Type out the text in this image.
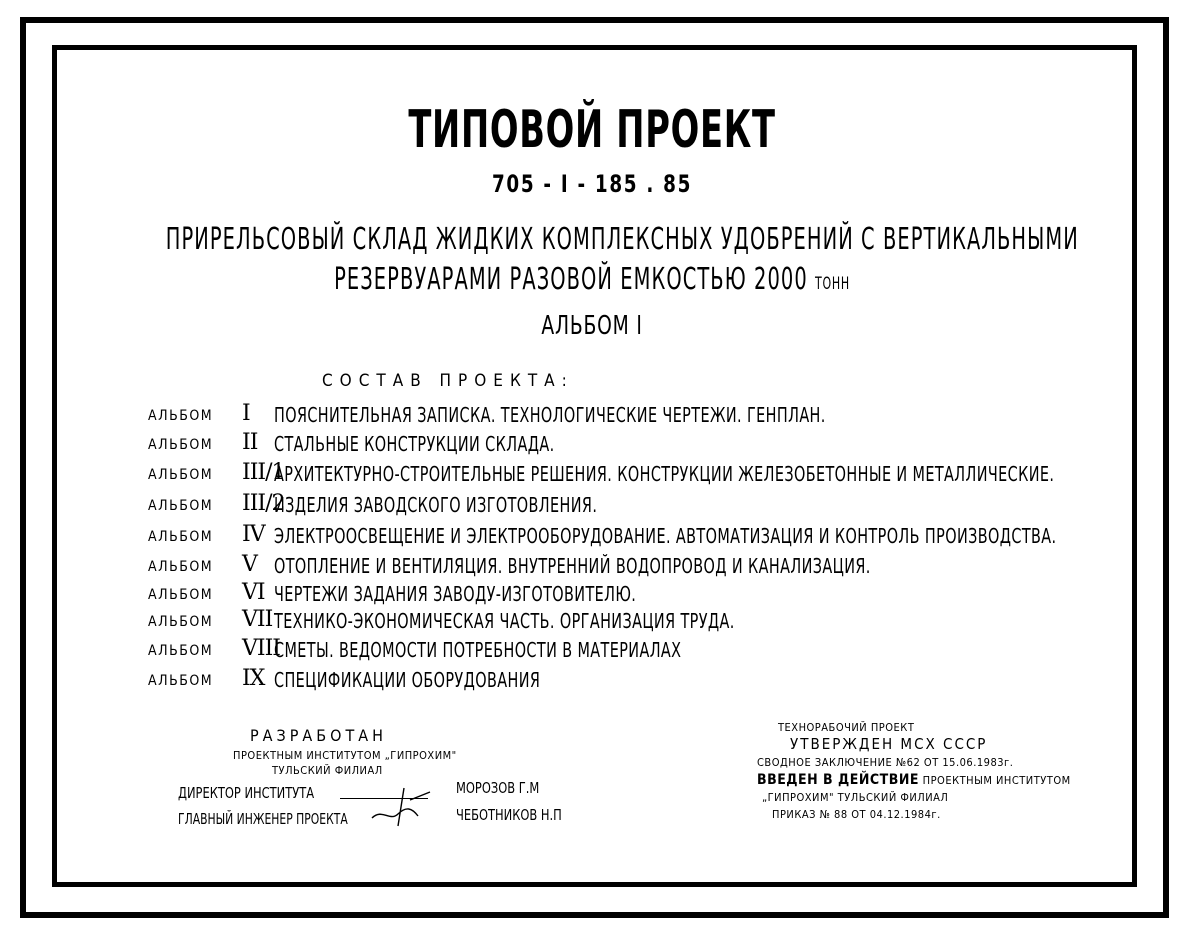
ТИПОВОЙ ПРОЕКТ
705 - I - 185 . 85
ПРИРЕЛЬСОВЫЙ СКЛАД ЖИДКИХ КОМПЛЕКСНЫХ УДОБРЕНИЙ С ВЕРТИКАЛЬНЫМИ
РЕЗЕРВУАРАМИ РАЗОВОЙ ЕМКОСТЬЮ 2000 ТОНН
АЛЬБОМ I
СОСТАВ ПРОЕКТА:
АЛЬБОМ I ПОЯСНИТЕЛЬНАЯ ЗАПИСКА. ТЕХНОЛОГИЧЕСКИЕ ЧЕРТЕЖИ. ГЕНПЛАН.
АЛЬБОМ II СТАЛЬНЫЕ КОНСТРУКЦИИ СКЛАДА.
АЛЬБОМ III/1
АРХИТЕКТУРНО-СТРОИТЕЛЬНЫЕ РЕШЕНИЯ. КОНСТРУКЦИИ ЖЕЛЕЗОБЕТОННЫЕ И МЕТАЛЛИЧЕСКИЕ.
АЛЬБОМ III/2
ИЗДЕЛИЯ ЗАВОДСКОГО ИЗГОТОВЛЕНИЯ.
АЛЬБОМ IV ЭЛЕКТРООСВЕЩЕНИЕ И ЭЛЕКТРООБОРУДОВАНИЕ. АВТОМАТИЗАЦИЯ И КОНТРОЛЬ ПРОИЗВОДСТВА.
АЛЬБОМ V ОТОПЛЕНИЕ И ВЕНТИЛЯЦИЯ. ВНУТРЕННИЙ ВОДОПРОВОД И КАНАЛИЗАЦИЯ.
АЛЬБОМ VI ЧЕРТЕЖИ ЗАДАНИЯ ЗАВОДУ-ИЗГОТОВИТЕЛЮ.
АЛЬБОМ VII ТЕХНИКО-ЭКОНОМИЧЕСКАЯ ЧАСТЬ. ОРГАНИЗАЦИЯ ТРУДА.
АЛЬБОМ VIII
СМЕТЫ. ВЕДОМОСТИ ПОТРЕБНОСТИ В МАТЕРИАЛАХ
АЛЬБОМ IX СПЕЦИФИКАЦИИ ОБОРУДОВАНИЯ
РАЗРАБОТАН
ПРОЕКТНЫМ ИНСТИТУТОМ „ГИПРОХИМ"
ТУЛЬСКИЙ ФИЛИАЛ
ДИРЕКТОР ИНСТИТУТА
ГЛАВНЫЙ ИНЖЕНЕР ПРОЕКТА
МОРОЗОВ Г.М
ЧЕБОТНИКОВ Н.П
ТЕХНОРАБОЧИЙ ПРОЕКТ
УТВЕРЖДЕН МСХ СССР
СВОДНОЕ ЗАКЛЮЧЕНИЕ №62 ОТ 15.06.1983г.
ВВЕДЕН В ДЕЙСТВИЕ ПРОЕКТНЫМ ИНСТИТУТОМ
„ГИПРОХИМ" ТУЛЬСКИЙ ФИЛИАЛ
ПРИКАЗ № 88 ОТ 04.12.1984г.
